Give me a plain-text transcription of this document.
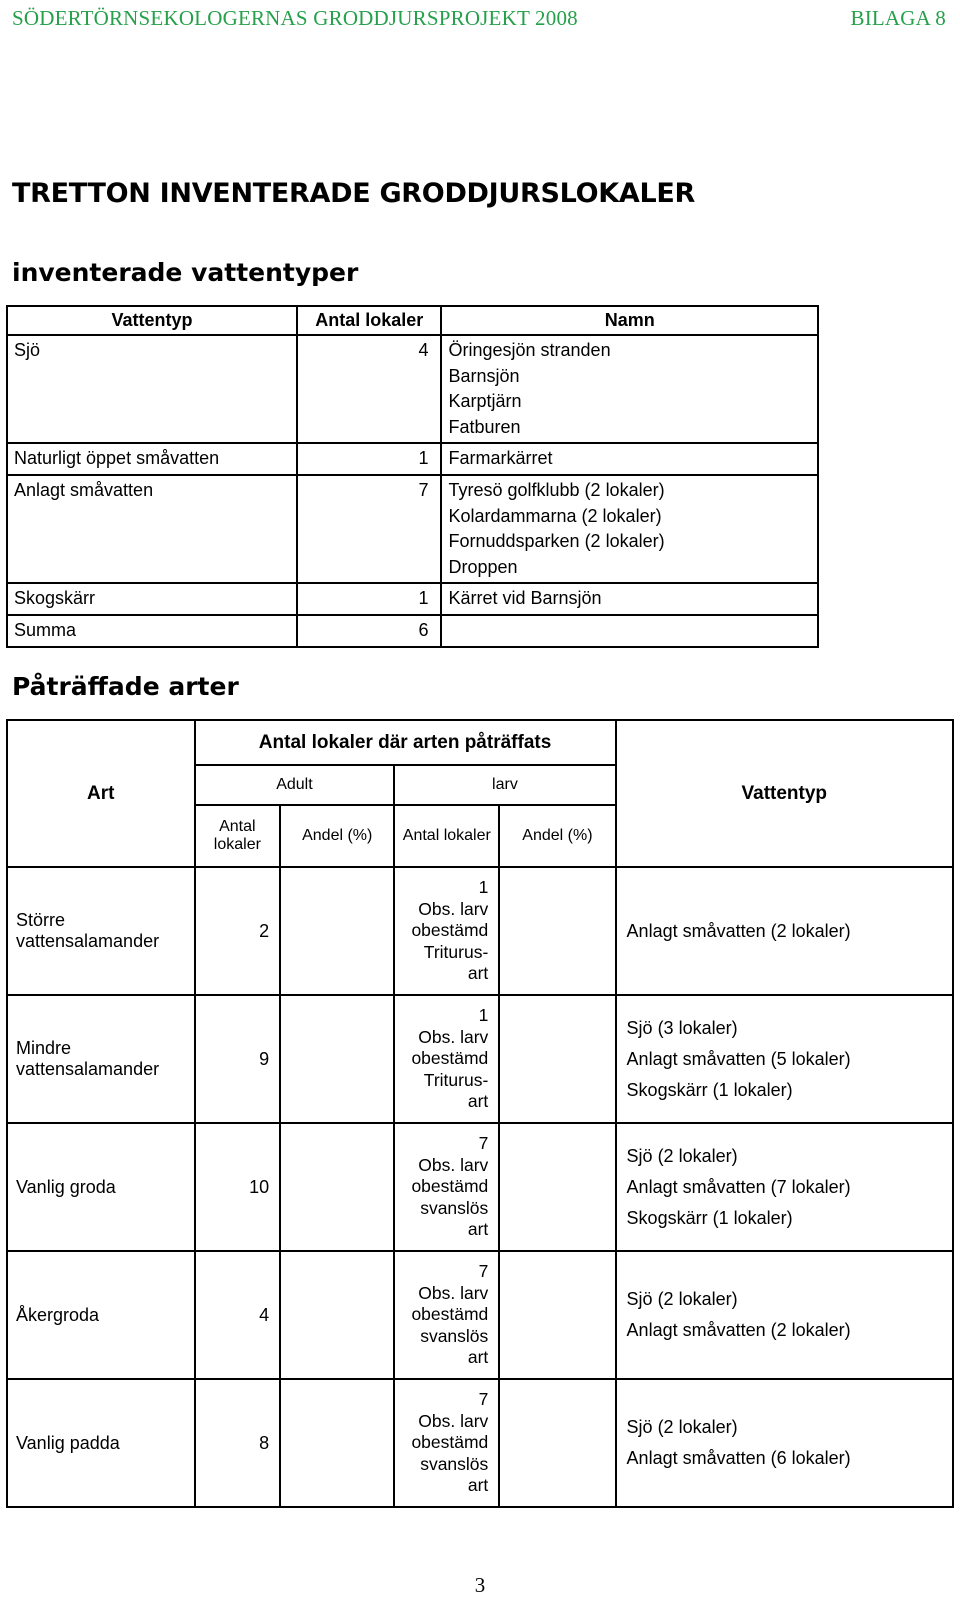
SÖDERTÖRNSEKOLOGERNAS GRODDJURSPROJEKT 2008	BILAGA 8
TRETTON INVENTERADE GRODDJURSLOKALER
inventerade vattentyper
Vattentyp	Antal lokaler	Namn
Sjö	4	Öringesjön stranden
Barnsjön
Karptjärn
Fatburen

Naturligt öppet småvatten	1	Farmarkärret

Anlagt småvatten	7	Tyresö golfklubb (2 lokaler)
Kolardammarna (2 lokaler)
Fornuddsparken (2 lokaler)
Droppen

Skogskärr	1	Kärret vid Barnsjön

Summa	6	
Påträffade arter
Art	Antal lokaler där arten påträffats				Vattentyp
	Adult		larv		
	Antal lokaler	Andel (%)	Antal lokaler	Andel (%)	
Större vattensalamander	2		1
Obs. larv
obestämd
Triturus-
art		Anlagt småvatten (2 lokaler)

Mindre vattensalamander	9		1
Obs. larv
obestämd
Triturus-
art		Sjö (3 lokaler)
Anlagt småvatten (5 lokaler)
Skogskärr (1 lokaler)

Vanlig groda	10		7
Obs. larv
obestämd
svanslös
art		Sjö (2 lokaler)
Anlagt småvatten (7 lokaler)
Skogskärr (1 lokaler)

Åkergroda	4		7
Obs. larv
obestämd
svanslös
art		Sjö (2 lokaler)
Anlagt småvatten (2 lokaler)

Vanlig padda	8		7
Obs. larv
obestämd
svanslös
art		Sjö (2 lokaler)
Anlagt småvatten (6 lokaler)
3
